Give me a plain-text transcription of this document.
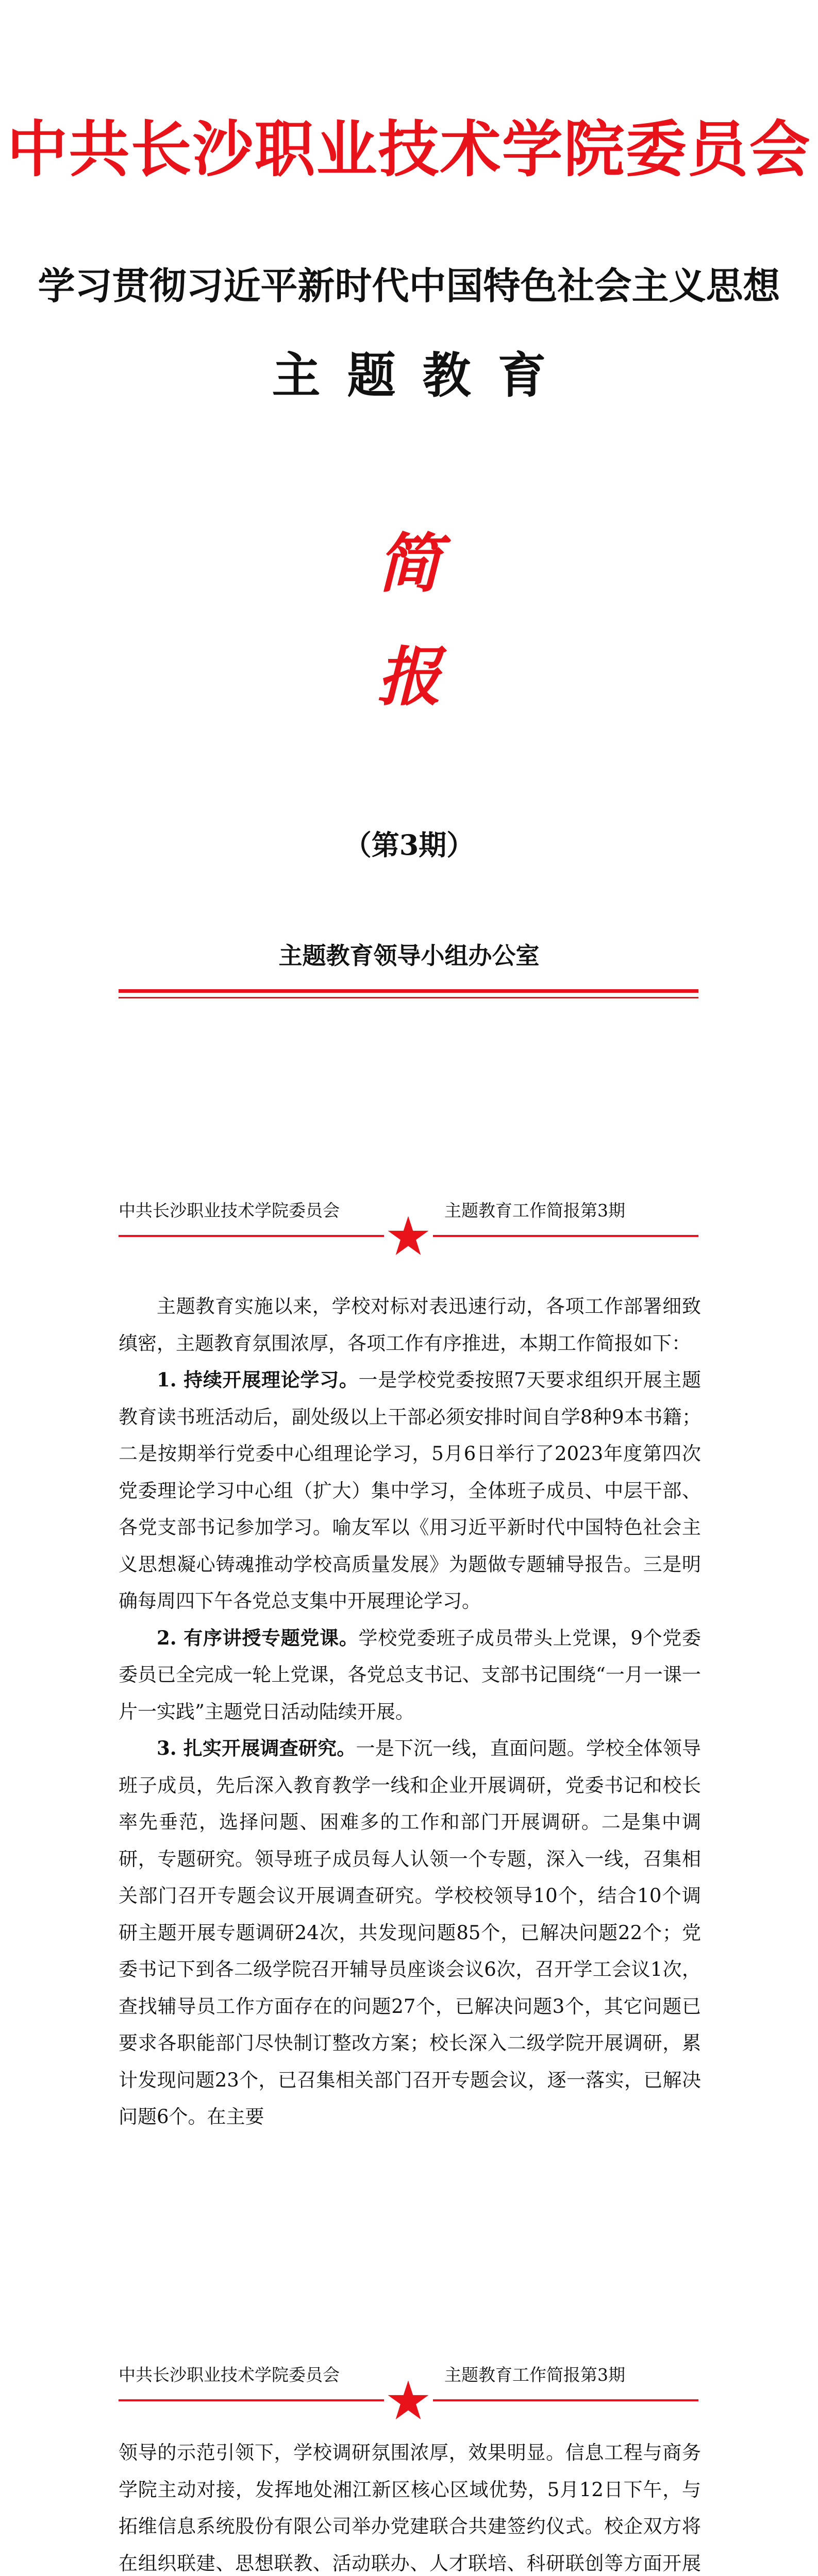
中共长沙职业技术学院委员会
学习贯彻习近平新时代中国特色社会主义思想
主题教育
简
报
（第3期）
主题教育领导小组办公室
中共长沙职业技术学院委员会	主题教育工作简报第3期

主题教育实施以来，学校对标对表迅速行动，各项工作部署细致缜密，主题教育氛围浓厚，各项工作有序推进，本期工作简报如下：

1. 持续开展理论学习。一是学校党委按照7天要求组织开展主题教育读书班活动后，副处级以上干部必须安排时间自学8种9本书籍；二是按期举行党委中心组理论学习，5月6日举行了2023年度第四次党委理论学习中心组（扩大）集中学习，全体班子成员、中层干部、各党支部书记参加学习。喻友军以《用习近平新时代中国特色社会主义思想凝心铸魂推动学校高质量发展》为题做专题辅导报告。三是明确每周四下午各党总支集中开展理论学习。

2. 有序讲授专题党课。学校党委班子成员带头上党课，9个党委委员已全完成一轮上党课，各党总支书记、支部书记围绕“一月一课一片一实践”主题党日活动陆续开展。

3. 扎实开展调查研究。一是下沉一线，直面问题。学校全体领导班子成员，先后深入教育教学一线和企业开展调研，党委书记和校长率先垂范，选择问题、困难多的工作和部门开展调研。二是集中调研，专题研究。领导班子成员每人认领一个专题，深入一线，召集相关部门召开专题会议开展调查研究。学校校领导10个，结合10个调研主题开展专题调研24次，共发现问题85个，已解决问题22个；党委书记下到各二级学院召开辅导员座谈会议6次，召开学工会议1次，查找辅导员工作方面存在的问题27个，已解决问题3个，其它问题已要求各职能部门尽快制订整改方案；校长深入二级学院开展调研，累计发现问题23个，已召集相关部门召开专题会议，逐一落实，已解决问题6个。在主要

中共长沙职业技术学院委员会	主题教育工作简报第3期

领导的示范引领下，学校调研氛围浓厚，效果明显。信息工程与商务学院主动对接，发挥地处湘江新区核心区域优势，5月12日下午，与拓维信息系统股份有限公司举办党建联合共建签约仪式。校企双方将在组织联建、思想联教、活动联办、人才联培、科研联创等方面开展
